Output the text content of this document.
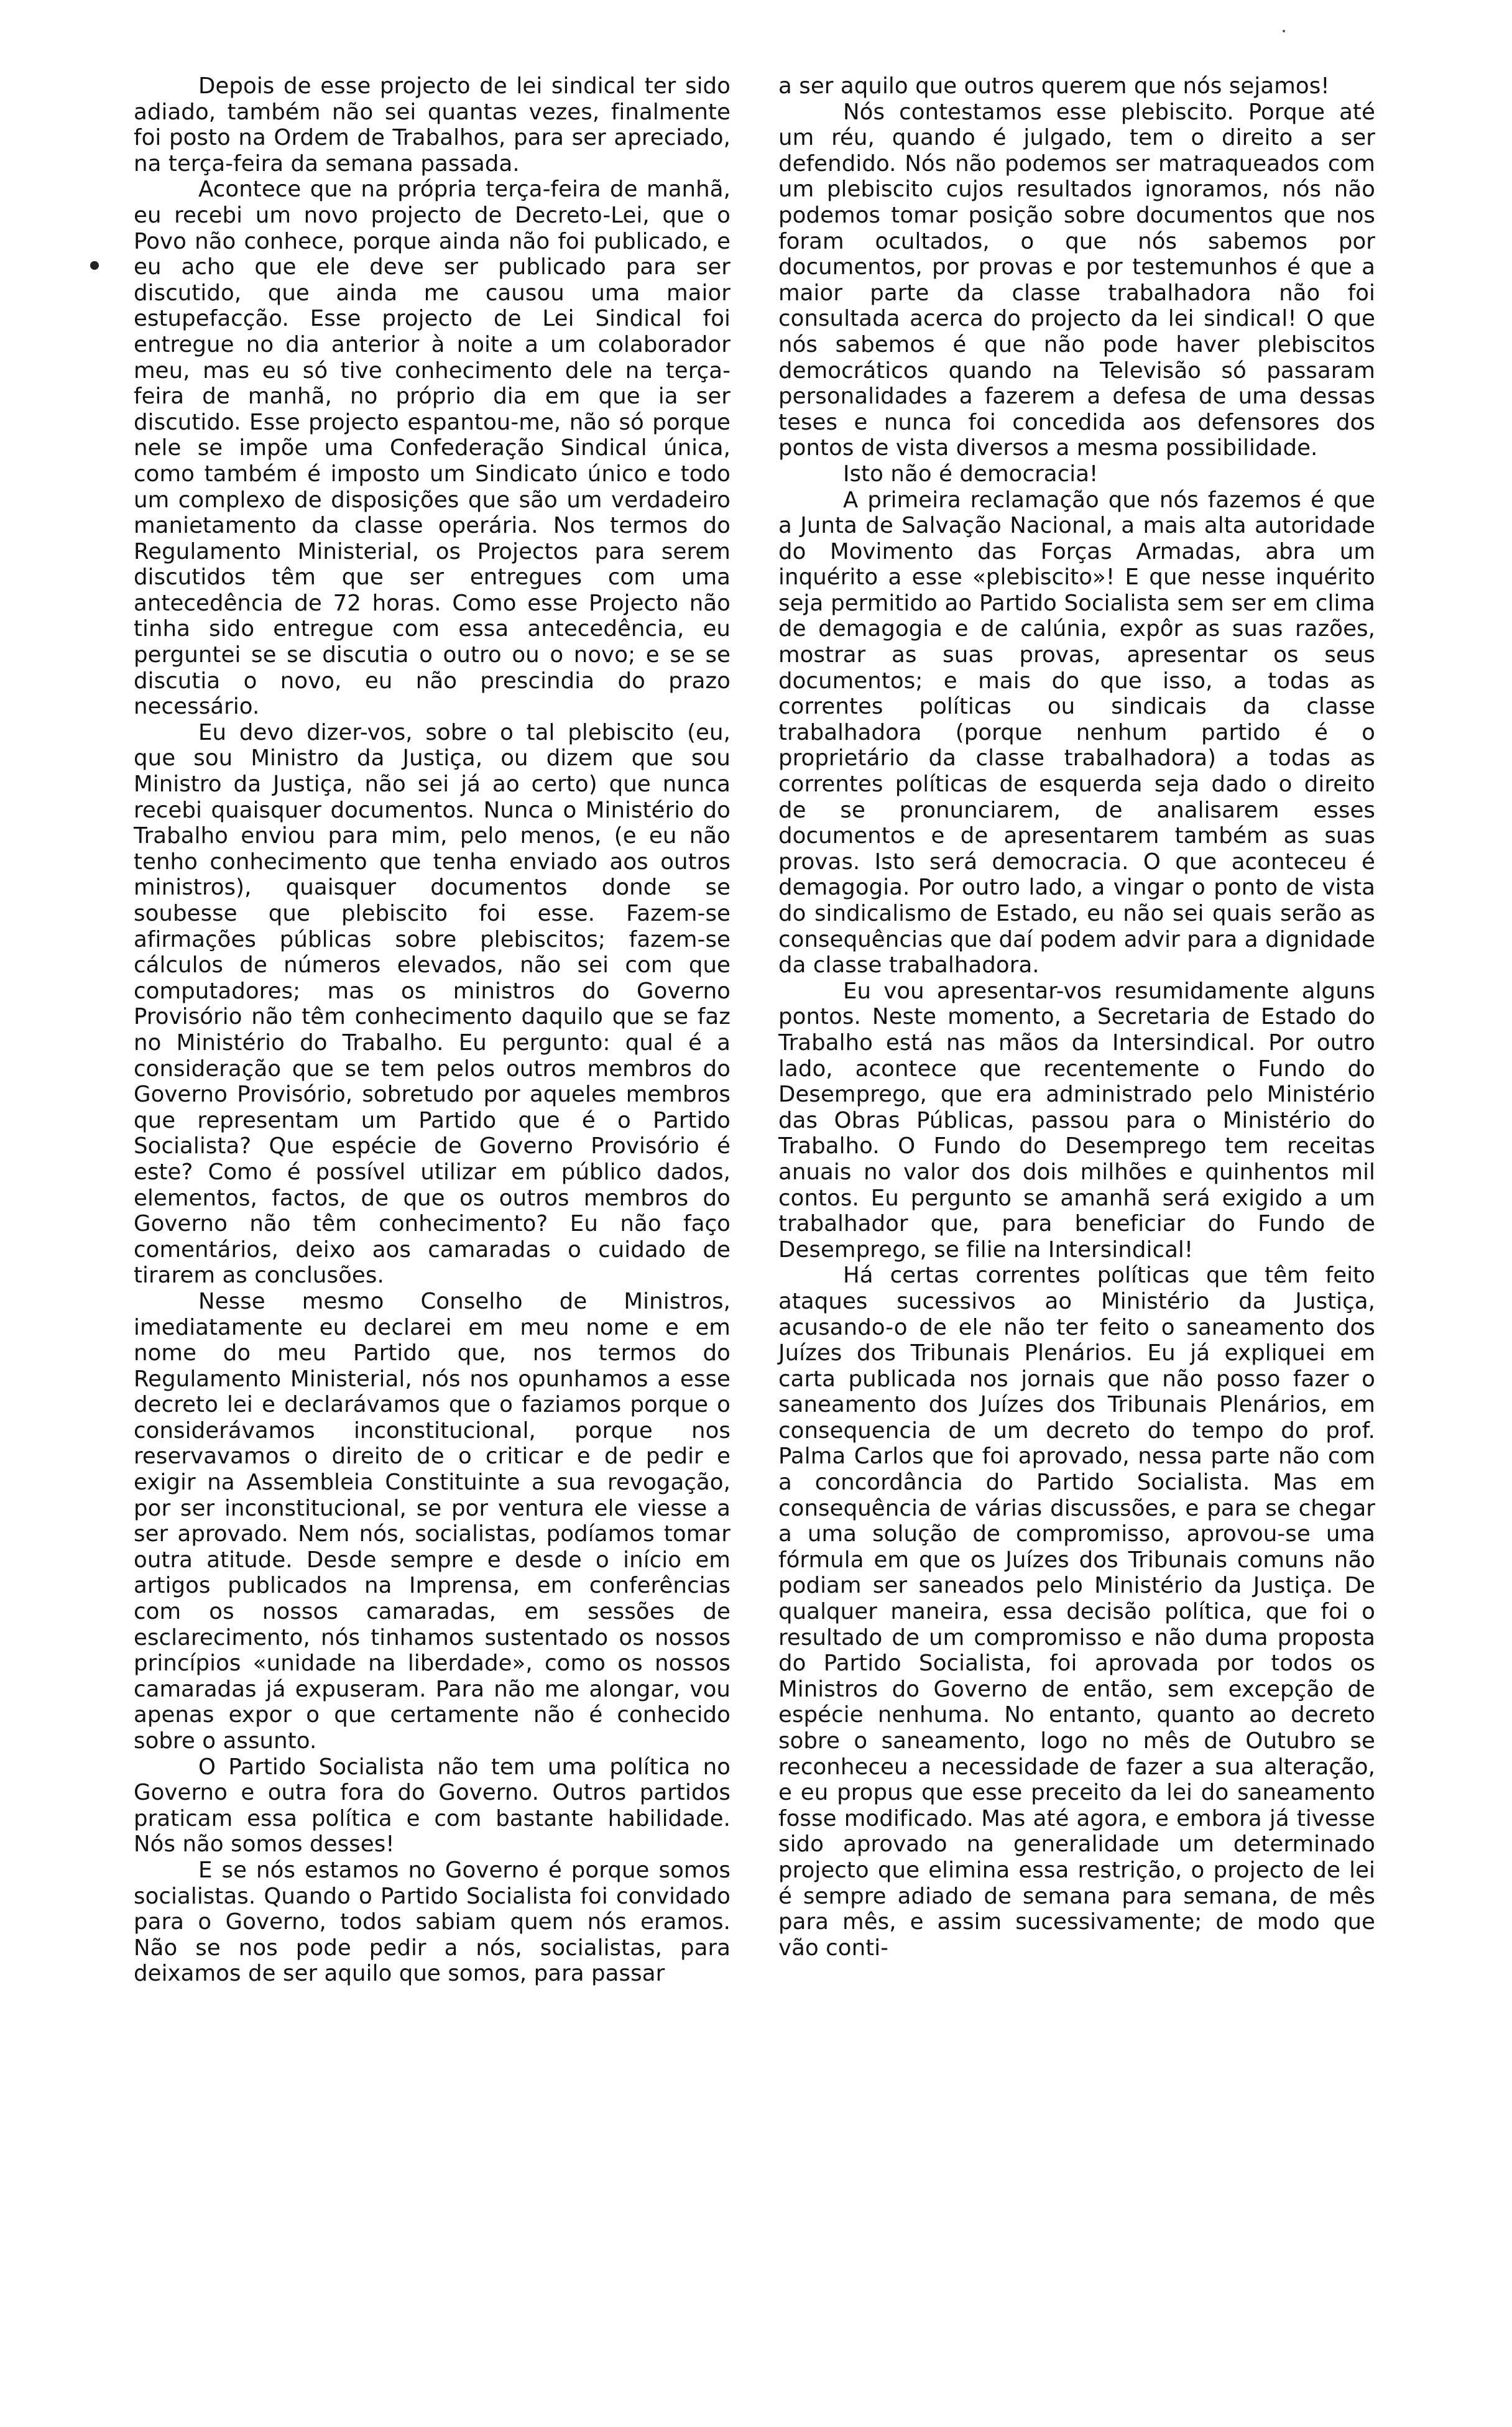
Depois de esse projecto de lei sindical ter sido adiado, também não sei quantas vezes, finalmente foi posto na Ordem de Trabalhos, para ser apreciado, na terça-feira da semana passada.

Acontece que na própria terça-feira de manhã, eu recebi um novo projecto de Decreto-Lei, que o Povo não conhece, porque ainda não foi publicado, e eu acho que ele deve ser publicado para ser discutido, que ainda me causou uma maior estupefacção. Esse projecto de Lei Sindical foi entregue no dia anterior à noite a um colaborador meu, mas eu só tive conhecimento dele na terça-feira de manhã, no próprio dia em que ia ser discutido. Esse projecto espantou-me, não só porque nele se impõe uma Confederação Sindical única, como também é imposto um Sindicato único e todo um complexo de disposições que são um verdadeiro manietamento da classe operária. Nos termos do Regulamento Ministerial, os Projectos para serem discutidos têm que ser entregues com uma antecedência de 72 horas. Como esse Projecto não tinha sido entregue com essa antecedência, eu perguntei se se discutia o outro ou o novo; e se se discutia o novo, eu não prescindia do prazo necessário.

Eu devo dizer-vos, sobre o tal plebiscito (eu, que sou Ministro da Justiça, ou dizem que sou Ministro da Justiça, não sei já ao certo) que nunca recebi quaisquer documentos. Nunca o Ministério do Trabalho enviou para mim, pelo menos, (e eu não tenho conhecimento que tenha enviado aos outros ministros), quaisquer documentos donde se soubesse que plebiscito foi esse. Fazem-se afirmações públicas sobre plebiscitos; fazem-se cálculos de números elevados, não sei com que computadores; mas os ministros do Governo Provisório não têm conhecimento daquilo que se faz no Ministério do Trabalho. Eu pergunto: qual é a consideração que se tem pelos outros membros do Governo Provisório, sobretudo por aqueles membros que representam um Partido que é o Partido Socialista? Que espécie de Governo Provisório é este? Como é possível utilizar em público dados, elementos, factos, de que os outros membros do Governo não têm conhecimento? Eu não faço comentários, deixo aos camaradas o cuidado de tirarem as conclusões.

Nesse mesmo Conselho de Ministros, imediatamente eu declarei em meu nome e em nome do meu Partido que, nos termos do Regulamento Ministerial, nós nos opunhamos a esse decreto lei e declarávamos que o faziamos porque o considerávamos inconstitucional, porque nos reservavamos o direito de o criticar e de pedir e exigir na Assembleia Constituinte a sua revogação, por ser inconstitucional, se por ventura ele viesse a ser aprovado. Nem nós, socialistas, podíamos tomar outra atitude. Desde sempre e desde o início em artigos publicados na Imprensa, em conferências com os nossos camaradas, em sessões de esclarecimento, nós tinhamos sustentado os nossos princípios «unidade na liberdade», como os nossos camaradas já expuseram. Para não me alongar, vou apenas expor o que certamente não é conhecido sobre o assunto.

O Partido Socialista não tem uma política no Governo e outra fora do Governo. Outros partidos praticam essa política e com bastante habilidade. Nós não somos desses!

E se nós estamos no Governo é porque somos socialistas. Quando o Partido Socialista foi convidado para o Governo, todos sabiam quem nós eramos. Não se nos pode pedir a nós, socialistas, para deixamos de ser aquilo que somos, para passar

a ser aquilo que outros querem que nós sejamos!

Nós contestamos esse plebiscito. Porque até um réu, quando é julgado, tem o direito a ser defendido. Nós não podemos ser matraqueados com um plebiscito cujos resultados ignoramos, nós não podemos tomar posição sobre documentos que nos foram ocultados, o que nós sabemos por documentos, por provas e por testemunhos é que a maior parte da classe trabalhadora não foi consultada acerca do projecto da lei sindical! O que nós sabemos é que não pode haver plebiscitos democráticos quando na Televisão só passaram personalidades a fazerem a defesa de uma dessas teses e nunca foi concedida aos defensores dos pontos de vista diversos a mesma possibilidade.

Isto não é democracia!

A primeira reclamação que nós fazemos é que a Junta de Salvação Nacional, a mais alta autoridade do Movimento das Forças Armadas, abra um inquérito a esse «plebiscito»! E que nesse inquérito seja permitido ao Partido Socialista sem ser em clima de demagogia e de calúnia, expôr as suas razões, mostrar as suas provas, apresentar os seus documentos; e mais do que isso, a todas as correntes políticas ou sindicais da classe trabalhadora (porque nenhum partido é o proprietário da classe trabalhadora) a todas as correntes políticas de esquerda seja dado o direito de se pronunciarem, de analisarem esses documentos e de apresentarem também as suas provas. Isto será democracia. O que aconteceu é demagogia. Por outro lado, a vingar o ponto de vista do sindicalismo de Estado, eu não sei quais serão as consequências que daí podem advir para a dignidade da classe trabalhadora.

Eu vou apresentar-vos resumidamente alguns pontos. Neste momento, a Secretaria de Estado do Trabalho está nas mãos da Intersindical. Por outro lado, acontece que recentemente o Fundo do Desemprego, que era administrado pelo Ministério das Obras Públicas, passou para o Ministério do Trabalho. O Fundo do Desemprego tem receitas anuais no valor dos dois milhões e quinhentos mil contos. Eu pergunto se amanhã será exigido a um trabalhador que, para beneficiar do Fundo de Desemprego, se filie na Intersindical!

Há certas correntes políticas que têm feito ataques sucessivos ao Ministério da Justiça, acusando-o de ele não ter feito o saneamento dos Juízes dos Tribunais Plenários. Eu já expliquei em carta publicada nos jornais que não posso fazer o saneamento dos Juízes dos Tribunais Plenários, em consequencia de um decreto do tempo do prof. Palma Carlos que foi aprovado, nessa parte não com a concordância do Partido Socialista. Mas em consequência de várias discussões, e para se chegar a uma solução de compromisso, aprovou-se uma fórmula em que os Juízes dos Tribunais comuns não podiam ser saneados pelo Ministério da Justiça. De qualquer maneira, essa decisão política, que foi o resultado de um compromisso e não duma proposta do Partido Socialista, foi aprovada por todos os Ministros do Governo de então, sem excepção de espécie nenhuma. No entanto, quanto ao decreto sobre o saneamento, logo no mês de Outubro se reconheceu a necessidade de fazer a sua alteração, e eu propus que esse preceito da lei do saneamento fosse modificado. Mas até agora, e embora já tivesse sido aprovado na generalidade um determinado projecto que elimina essa restrição, o projecto de lei é sempre adiado de semana para semana, de mês para mês, e assim sucessivamente; de modo que vão conti-
